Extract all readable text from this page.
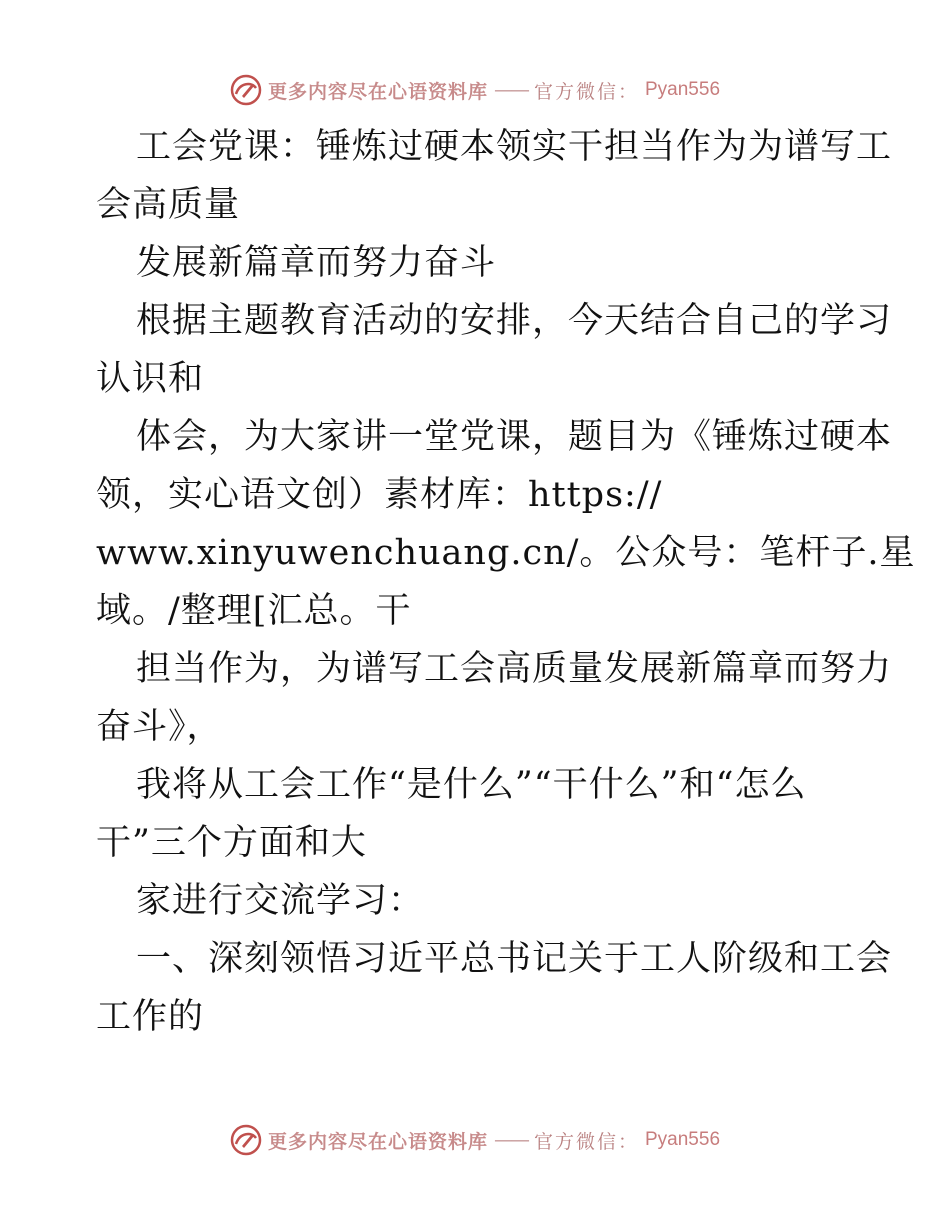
更多内容尽在心语资料库 —— 官方微信： Pyan556

工会党课：锤炼过硬本领实干担当作为为谱写工

会高质量

发展新篇章而努力奋斗

根据主题教育活动的安排，今天结合自己的学习

认识和

体会，为大家讲一堂党课，题目为《锤炼过硬本

领，实心语文创）素材库：https://

www.xinyuwenchuang.cn/。公众号：笔杆子.星

域。/整理[汇总。干

担当作为，为谱写工会高质量发展新篇章而努力

奋斗》，

我将从工会工作“是什么”“干什么”和“怎么

干”三个方面和大

家进行交流学习：

一、深刻领悟习近平总书记关于工人阶级和工会

工作的

更多内容尽在心语资料库 —— 官方微信： Pyan556
